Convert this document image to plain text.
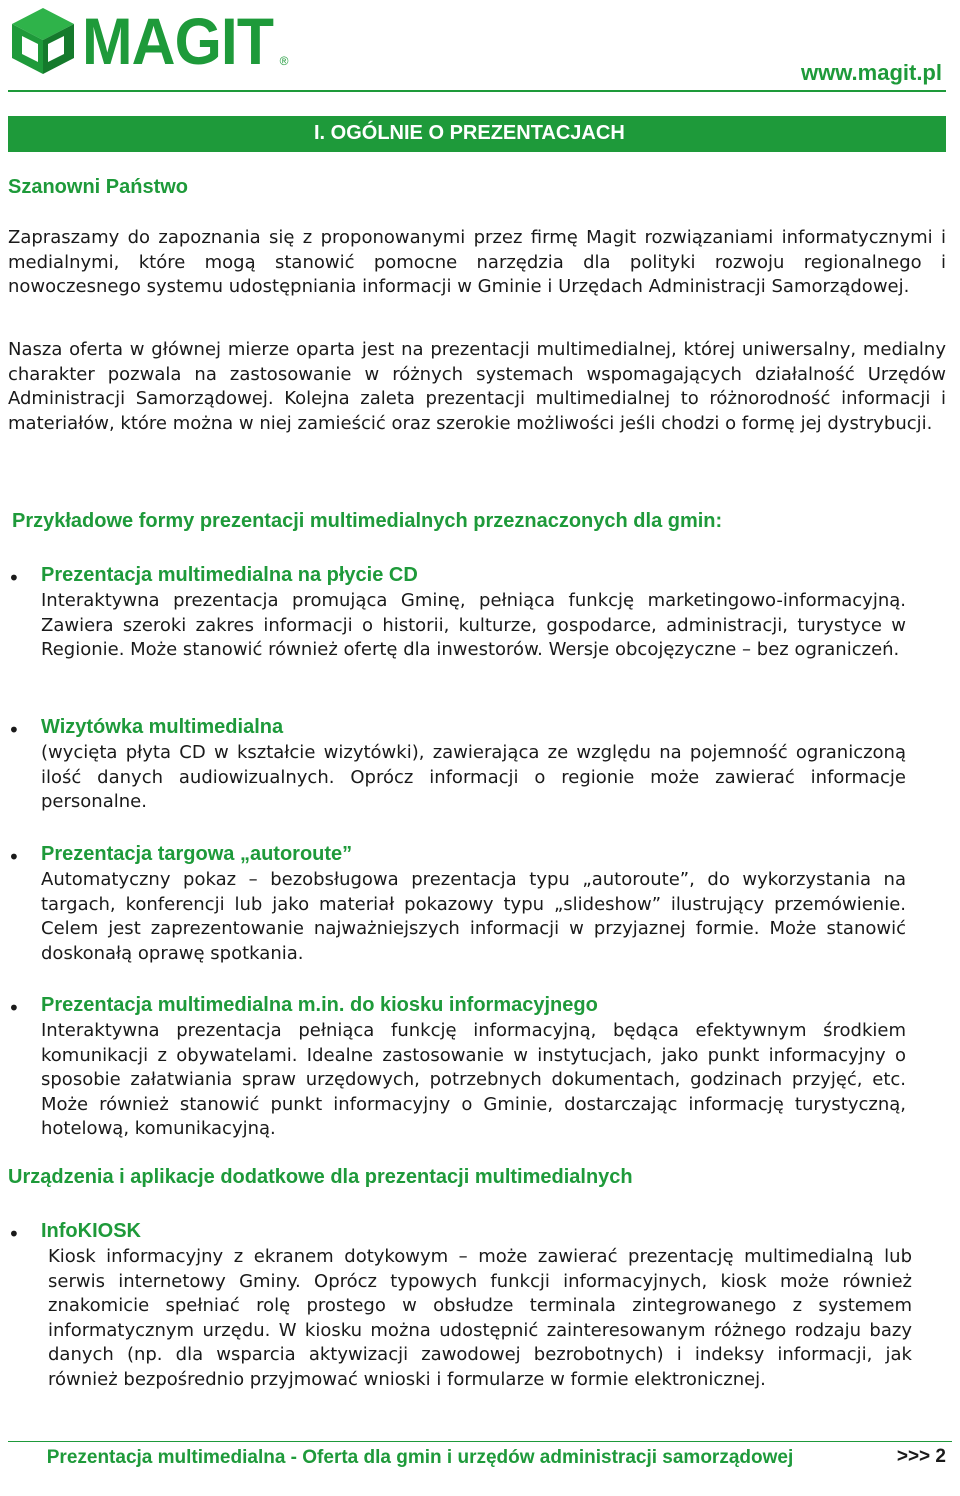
MAGIT ®	www.magit.pl
I. OGÓLNIE O PREZENTACJACH
Szanowni Państwo

Zapraszamy do zapoznania się z proponowanymi przez firmę Magit rozwiązaniami informatycznymi i medialnymi, które mogą stanowić pomocne narzędzia dla polityki rozwoju regionalnego i nowoczesnego systemu udostępniania informacji w Gminie i Urzędach Administracji Samorządowej.

Nasza oferta w głównej mierze oparta jest na prezentacji multimedialnej, której uniwersalny, medialny charakter pozwala na zastosowanie w różnych systemach wspomagających działalność Urzędów Administracji Samorządowej. Kolejna zaleta prezentacji multimedialnej to różnorodność informacji i materiałów, które można w niej zamieścić oraz szerokie możliwości jeśli chodzi o formę jej dystrybucji.

Przykładowe formy prezentacji multimedialnych przeznaczonych dla gmin:
• Prezentacja multimedialna na płycie CD
Interaktywna prezentacja promująca Gminę, pełniąca funkcję marketingowo-informacyjną. Zawiera szeroki zakres informacji o historii, kulturze, gospodarce, administracji, turystyce w Regionie. Może stanowić również ofertę dla inwestorów. Wersje obcojęzyczne – bez ograniczeń.
• Wizytówka multimedialna
(wycięta płyta CD w kształcie wizytówki), zawierająca ze względu na pojemność ograniczoną ilość danych audiowizualnych. Oprócz informacji o regionie może zawierać informacje personalne.
• Prezentacja targowa „autoroute”
Automatyczny pokaz – bezobsługowa prezentacja typu „autoroute”, do wykorzystania na targach, konferencji lub jako materiał pokazowy typu „slideshow” ilustrujący przemówienie. Celem jest zaprezentowanie najważniejszych informacji w przyjaznej formie. Może stanowić doskonałą oprawę spotkania.
• Prezentacja multimedialna m.in. do kiosku informacyjnego
Interaktywna prezentacja pełniąca funkcję informacyjną, będąca efektywnym środkiem komunikacji z obywatelami. Idealne zastosowanie w instytucjach, jako punkt informacyjny o sposobie załatwiania spraw urzędowych, potrzebnych dokumentach, godzinach przyjęć, etc. Może również stanowić punkt informacyjny o Gminie, dostarczając informację turystyczną, hotelową, komunikacyjną.
Urządzenia i aplikacje dodatkowe dla prezentacji multimedialnych
• InfoKIOSK
Kiosk informacyjny z ekranem dotykowym – może zawierać prezentację multimedialną lub serwis internetowy Gminy. Oprócz typowych funkcji informacyjnych, kiosk może również znakomicie spełniać rolę prostego w obsłudze terminala zintegrowanego z systemem informatycznym urzędu. W kiosku można udostępnić zainteresowanym różnego rodzaju bazy danych (np. dla wsparcia aktywizacji zawodowej bezrobotnych) i indeksy informacji, jak również bezpośrednio przyjmować wnioski i formularze w formie elektronicznej.
Prezentacja multimedialna - Oferta dla gmin i urzędów administracji samorządowej	>>> 2
